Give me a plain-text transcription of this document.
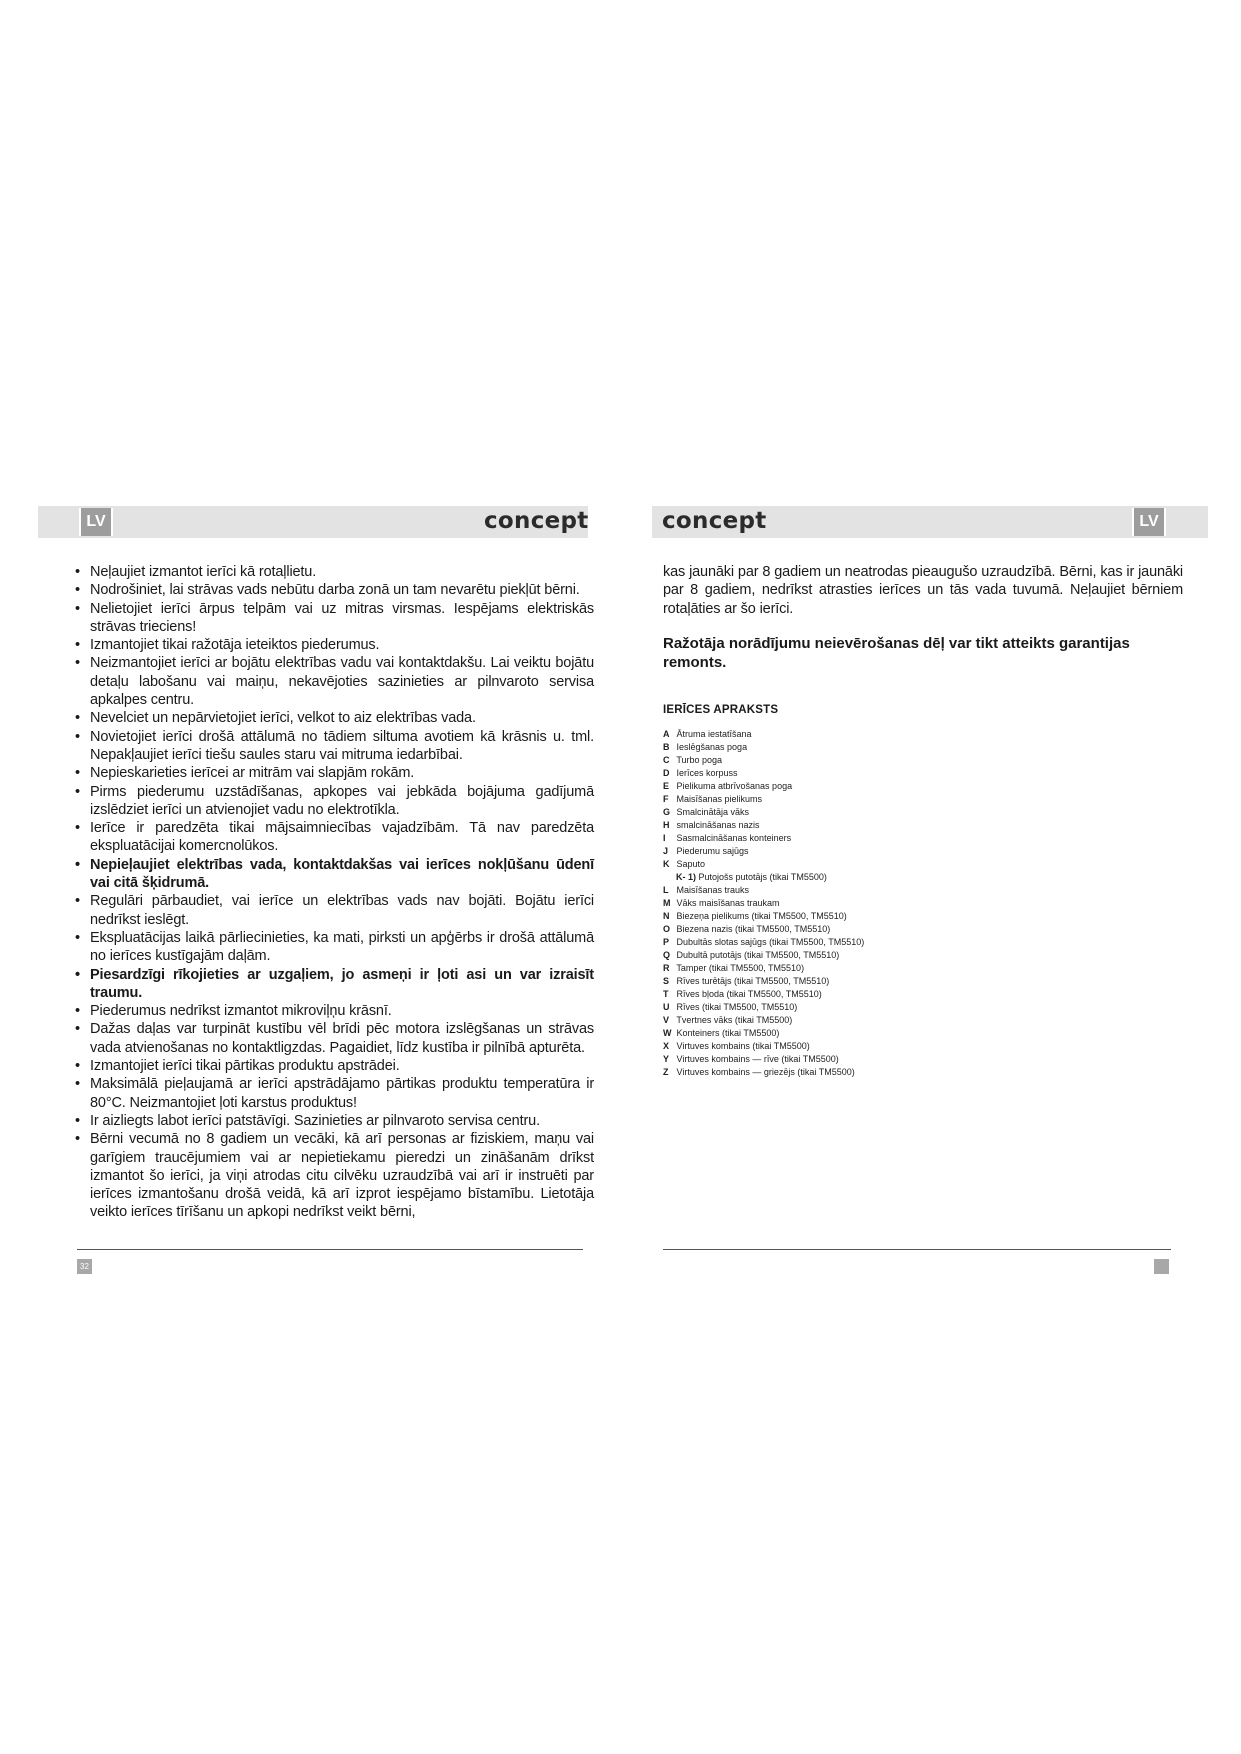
LV	LV
concept	concept
• Neļaujiet izmantot ierīci kā rotaļlietu.
• Nodrošiniet, lai strāvas vads nebūtu darba zonā un tam nevarētu piekļūt bērni.
• Nelietojiet ierīci ārpus telpām vai uz mitras virsmas. Iespējams elektriskās strāvas trieciens!
• Izmantojiet tikai ražotāja ieteiktos piederumus.
• Neizmantojiet ierīci ar bojātu elektrības vadu vai kontaktdakšu. Lai veiktu bojātu detaļu labošanu vai maiņu, nekavējoties sazinieties ar pilnvaroto servisa apkalpes centru.
• Nevelciet un nepārvietojiet ierīci, velkot to aiz elektrības vada.
• Novietojiet ierīci drošā attālumā no tādiem siltuma avotiem kā krāsnis u. tml. Nepakļaujiet ierīci tiešu saules staru vai mitruma iedarbībai.
• Nepieskarieties ierīcei ar mitrām vai slapjām rokām.
• Pirms piederumu uzstādīšanas, apkopes vai jebkāda bojājuma gadījumā izslēdziet ierīci un atvienojiet vadu no elektrotīkla.
• Ierīce ir paredzēta tikai mājsaimniecības vajadzībām. Tā nav paredzēta ekspluatācijai komercnolūkos.
• Nepieļaujiet elektrības vada, kontaktdakšas vai ierīces nokļūšanu ūdenī vai citā šķidrumā.
• Regulāri pārbaudiet, vai ierīce un elektrības vads nav bojāti. Bojātu ierīci nedrīkst ieslēgt.
• Ekspluatācijas laikā pārliecinieties, ka mati, pirksti un apģērbs ir drošā attālumā no ierīces kustīgajām daļām.
• Piesardzīgi rīkojieties ar uzgaļiem, jo asmeņi ir ļoti asi un var izraisīt traumu.
• Piederumus nedrīkst izmantot mikroviļņu krāsnī.
• Dažas daļas var turpināt kustību vēl brīdi pēc motora izslēgšanas un strāvas vada atvienošanas no kontaktligzdas. Pagaidiet, līdz kustība ir pilnībā apturēta.
• Izmantojiet ierīci tikai pārtikas produktu apstrādei.
• Maksimālā pieļaujamā ar ierīci apstrādājamo pārtikas produktu temperatūra ir 80°C. Neizmantojiet ļoti karstus produktus!
• Ir aizliegts labot ierīci patstāvīgi. Sazinieties ar pilnvaroto servisa centru.
• Bērni vecumā no 8 gadiem un vecāki, kā arī personas ar fiziskiem, maņu vai garīgiem traucējumiem vai ar nepietiekamu pieredzi un zināšanām drīkst izmantot šo ierīci, ja viņi atrodas citu cilvēku uzraudzībā vai arī ir instruēti par ierīces izmantošanu drošā veidā, kā arī izprot iespējamo bīstamību. Lietotāja veikto ierīces tīrīšanu un apkopi nedrīkst veikt bērni,

kas jaunāki par 8 gadiem un neatrodas pieaugušo uzraudzībā. Bērni, kas ir jaunāki par 8 gadiem, nedrīkst atrasties ierīces un tās vada tuvumā. Neļaujiet bērniem rotaļāties ar šo ierīci.

Ražotāja norādījumu neievērošanas dēļ var tikt atteikts garantijas remonts.

IERĪCES APRAKSTS
A Ātruma iestatīšana
B Ieslēgšanas poga
C Turbo poga
D Ierīces korpuss
E Pielikuma atbrīvošanas poga
F Maisīšanas pielikums
G Smalcinātāja vāks
H smalcināšanas nazis
I Sasmalcināšanas konteiners
J Piederumu sajūgs
K Saputo
K- 1) Putojošs putotājs (tikai TM5500)
L Maisīšanas trauks
M Vāks maisīšanas traukam
N Biezeņa pielikums (tikai TM5500, TM5510)
O Biezena nazis (tikai TM5500, TM5510)
P Dubultās slotas sajūgs (tikai TM5500, TM5510)
Q Dubultā putotājs (tikai TM5500, TM5510)
R Tamper (tikai TM5500, TM5510)
S Rīves turētājs (tikai TM5500, TM5510)
T Rīves bļoda (tikai TM5500, TM5510)
U Rīves (tikai TM5500, TM5510)
V Tvertnes vāks (tikai TM5500)
W Konteiners (tikai TM5500)
X Virtuves kombains (tikai TM5500)
Y Virtuves kombains — rīve (tikai TM5500)
Z Virtuves kombains — griezējs (tikai TM5500)
32
